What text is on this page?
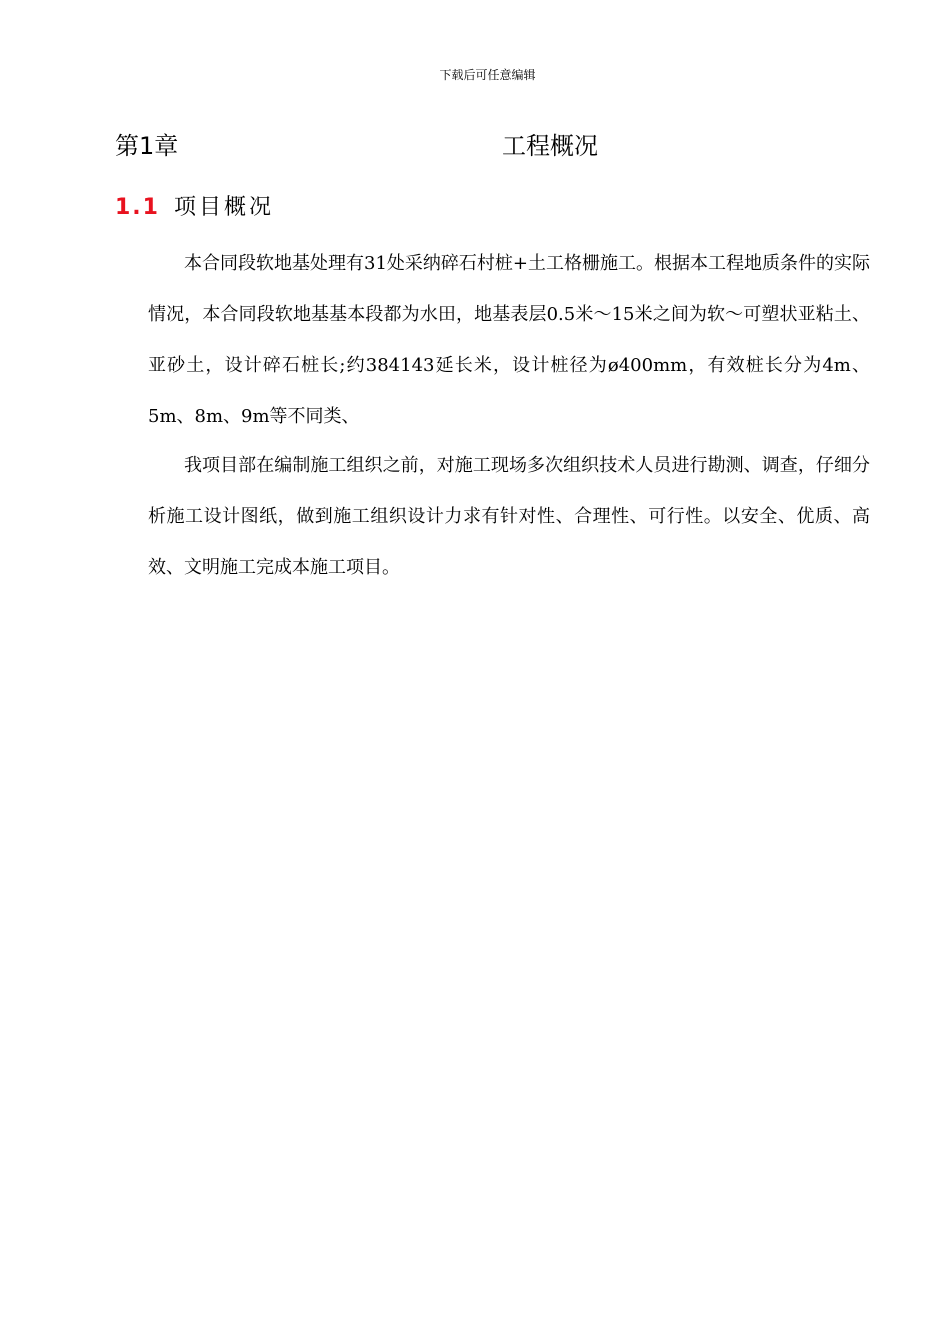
下载后可任意编辑
第1章	工程概况
1.1 项目概况

本合同段软地基处理有31处采纳碎石村桩+土工格栅施工。根据本工程地质条件的实际情况，本合同段软地基基本段都为水田，地基表层0.5米～15米之间为软～可塑状亚粘土、亚砂土，设计碎石桩长;约384143延长米，设计桩径为ø400mm，有效桩长分为4m、5m、8m、9m等不同类、

我项目部在编制施工组织之前，对施工现场多次组织技术人员进行勘测、调查，仔细分析施工设计图纸，做到施工组织设计力求有针对性、合理性、可行性。以安全、优质、高效、文明施工完成本施工项目。
